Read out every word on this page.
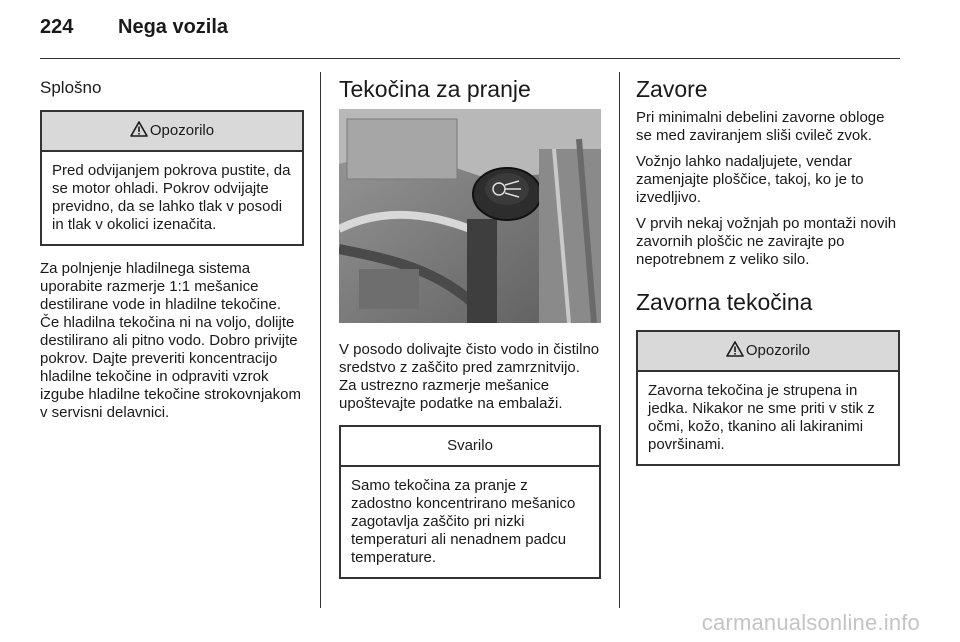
224 Nega vozila
Splošno
Opozorilo

Pred odvijanjem pokrova pustite, da se motor ohladi. Pokrov odvijajte previdno, da se lahko tlak v posodi in tlak v okolici izenačita.

Za polnjenje hladilnega sistema uporabite razmerje 1:1 mešanice destilirane vode in hladilne tekočine. Če hladilna tekočina ni na voljo, dolijte destilirano ali pitno vodo. Dobro privijte pokrov. Dajte preveriti koncentracijo hladilne tekočine in odpraviti vzrok izgube hladilne tekočine strokovnjakom v servisni delavnici.

Tekočina za pranje

V posodo dolivajte čisto vodo in čistilno sredstvo z zaščito pred zamrznitvijo. Za ustrezno razmerje mešanice upoštevajte podatke na embalaži.

Svarilo

Samo tekočina za pranje z zadostno koncentrirano mešanico zagotavlja zaščito pri nizki temperaturi ali nenadnem padcu temperature.

Zavore

Pri minimalni debelini zavorne obloge se med zaviranjem sliši cvileč zvok.

Vožnjo lahko nadaljujete, vendar zamenjajte ploščice, takoj, ko je to izvedljivo.

V prvih nekaj vožnjah po montaži novih zavornih ploščic ne zavirajte po nepotrebnem z veliko silo.

Zavorna tekočina
Opozorilo

Zavorna tekočina je strupena in jedka. Nikakor ne sme priti v stik z očmi, kožo, tkanino ali lakiranimi površinami.

carmanualsonline.info
